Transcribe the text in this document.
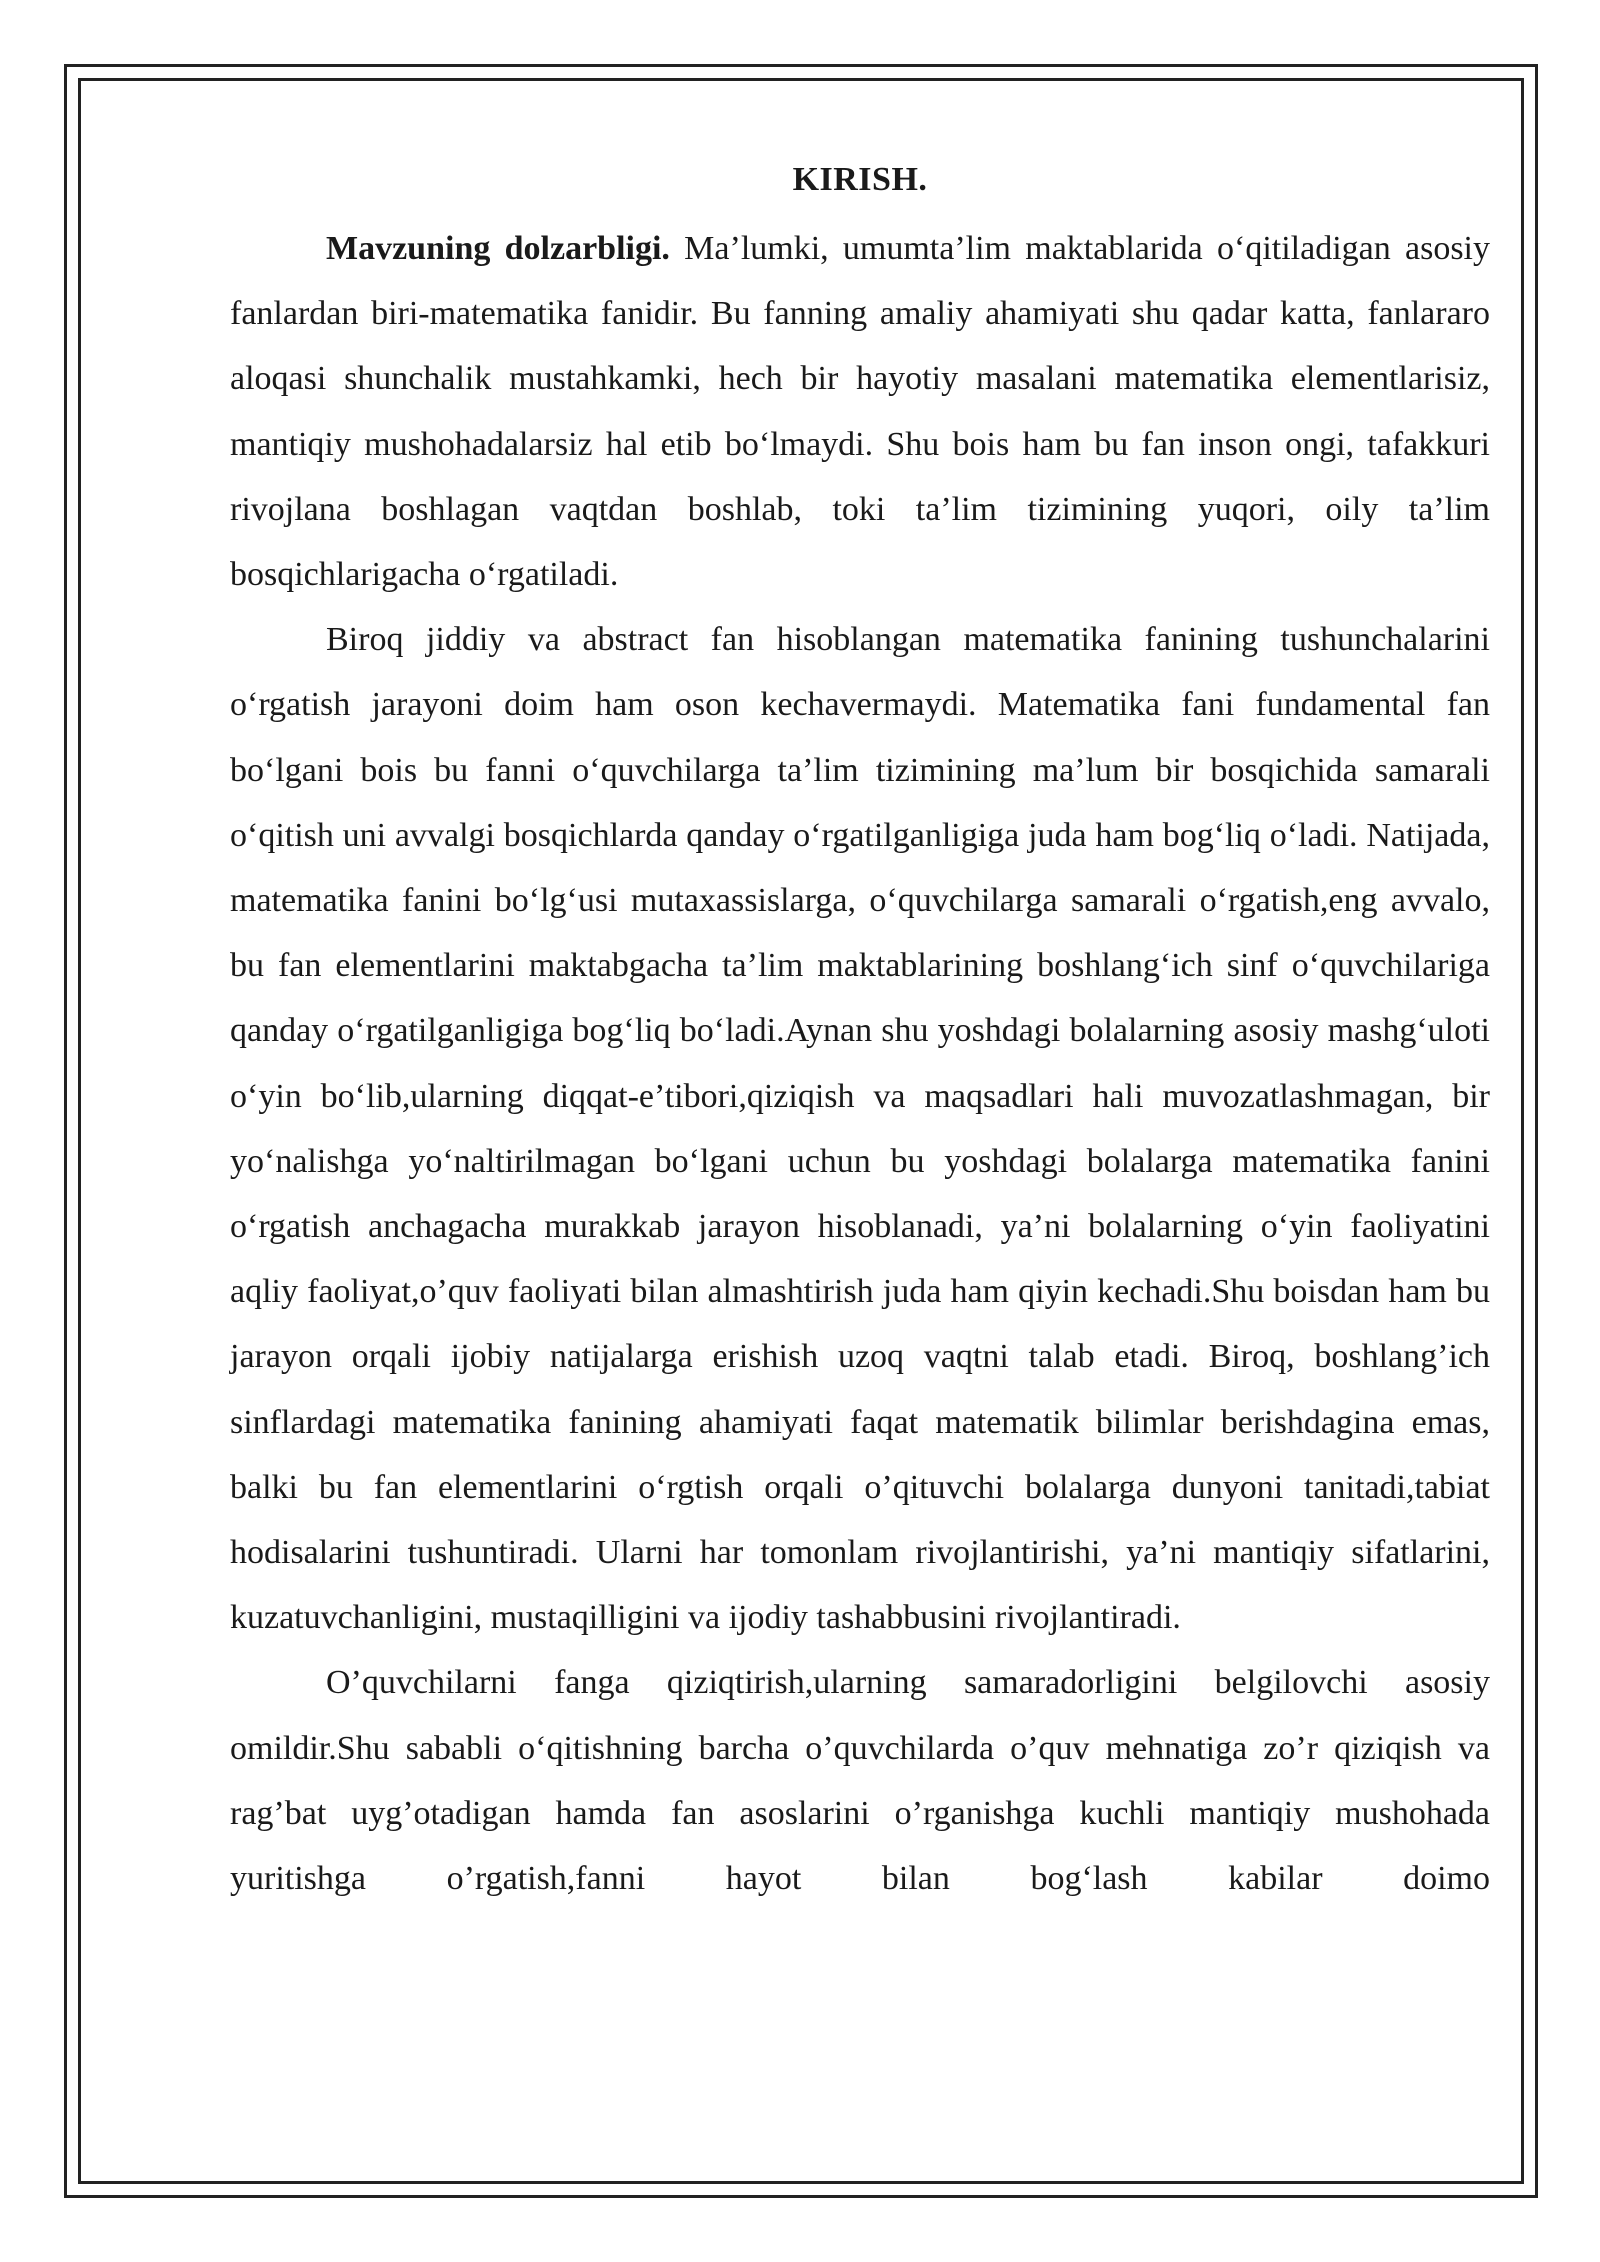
KIRISH.

Mavzuning dolzarbligi. Ma’lumki, umumta’lim maktablarida o‘qitiladigan asosiy fanlardan biri-matematika fanidir. Bu fanning amaliy ahamiyati shu qadar katta, fanlararo aloqasi shunchalik mustahkamki, hech bir hayotiy masalani matematika elementlarisiz, mantiqiy mushohadalarsiz hal etib bo‘lmaydi. Shu bois ham bu fan inson ongi, tafakkuri rivojlana boshlagan vaqtdan boshlab, toki ta’lim tizimining yuqori, oily ta’lim bosqichlarigacha o‘rgatiladi.

Biroq jiddiy va abstract fan hisoblangan matematika fanining tushunchalarini o‘rgatish jarayoni doim ham oson kechavermaydi. Matematika fani fundamental fan bo‘lgani bois bu fanni o‘quvchilarga ta’lim tizimining ma’lum bir bosqichida samarali o‘qitish uni avvalgi bosqichlarda qanday o‘rgatilganligiga juda ham bog‘liq o‘ladi. Natijada, matematika fanini bo‘lg‘usi mutaxassislarga, o‘quvchilarga samarali o‘rgatish,eng avvalo, bu fan elementlarini maktabgacha ta’lim maktablarining boshlang‘ich sinf o‘quvchilariga qanday o‘rgatilganligiga bog‘liq bo‘ladi.Aynan shu yoshdagi bolalarning asosiy mashg‘uloti o‘yin bo‘lib,ularning diqqat-e’tibori,qiziqish va maqsadlari hali muvozatlashmagan, bir yo‘nalishga yo‘naltirilmagan bo‘lgani uchun bu yoshdagi bolalarga matematika fanini o‘rgatish anchagacha murakkab jarayon hisoblanadi, ya’ni bolalarning o‘yin faoliyatini aqliy faoliyat,o’quv faoliyati bilan almashtirish juda ham qiyin kechadi.Shu boisdan ham bu jarayon orqali ijobiy natijalarga erishish uzoq vaqtni talab etadi. Biroq, boshlang’ich sinflardagi matematika fanining ahamiyati faqat matematik bilimlar berishdagina emas, balki bu fan elementlarini o‘rgtish orqali o’qituvchi bolalarga dunyoni tanitadi,tabiat hodisalarini tushuntiradi. Ularni har tomonlam rivojlantirishi, ya’ni mantiqiy sifatlarini, kuzatuvchanligini, mustaqilligini va ijodiy tashabbusini rivojlantiradi.

O’quvchilarni fanga qiziqtirish,ularning samaradorligini belgilovchi asosiy omildir.Shu sababli o‘qitishning barcha o’quvchilarda o’quv mehnatiga zo’r qiziqish va rag’bat uyg’otadigan hamda fan asoslarini o’rganishga kuchli mantiqiy mushohada yuritishga o’rgatish,fanni hayot bilan bog‘lash kabilar doimo
